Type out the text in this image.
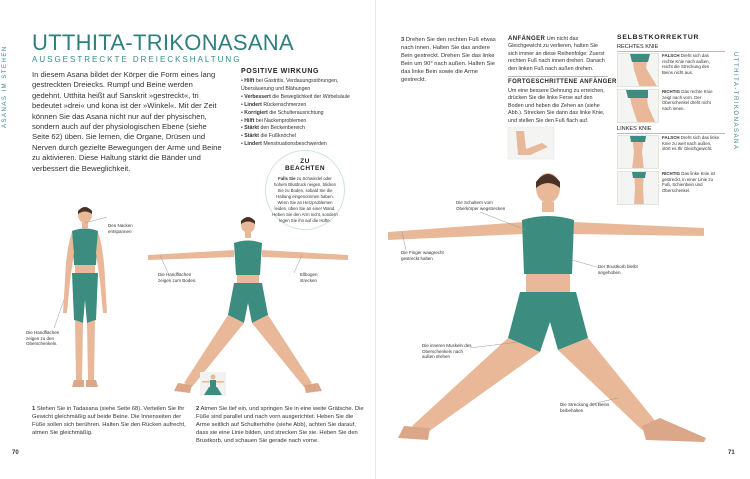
ASANAS IM STEHEN	UTTHITA-TRIKONASANA
UTTHITA-TRIKONASANA
AUSGESTRECKTE DREIECKSHALTUNG
In diesem Asana bildet der Körper die Form eines lang gestreckten Dreiecks. Rumpf und Beine werden gedehnt. Utthita heißt auf Sanskrit »gestreckt«, tri bedeutet »drei« und kona ist der »Winkel«. Mit der Zeit können Sie das Asana nicht nur auf der physischen, sondern auch auf der physiologischen Ebene (siehe Seite 62) üben. Sie lernen, die Organe, Drüsen und Nerven durch gezielte Bewegungen der Arme und Beine zu aktivieren. Diese Haltung stärkt die Bänder und verbessert die Beweglichkeit.
POSITIVE WIRKUNG
• Hilft bei Gastritis, Verdauungsstörungen, Übersäuerung und Blähungen
• Verbessert die Beweglichkeit der Wirbelsäule
• Lindert Rückenschmerzen
• Korrigiert die Schulterausrichtung
• Hilft bei Nackenproblemen
• Stärkt den Beckenbereich
• Stärkt die Fußknöchel
• Lindert Menstruationsbeschwerden
ZU
BEACHTEN
Falls Sie zu Schwindel oder hohem Blutdruck neigen, blicken Sie zu Boden, sobald Sie die Haltung eingenommen haben. Wenn Sie an Herzproblemen leiden, üben Sie an einer Wand. Heben Sie den Arm nicht, sondern legen Sie ihn auf die Hüfte.
Den Nacken entspannen
Die Handflächen zeigen zu den Oberschenkeln.
Die Handflächen zeigen zum Boden.
Ellbogen strecken
1 Stehen Sie in Tadasana (siehe Seite 68). Verteilen Sie Ihr Gewicht gleichmäßig auf beide Beine. Die Innenseiten der Füße sollen sich berühren. Halten Sie den Rücken aufrecht, atmen Sie gleichmäßig.
2 Atmen Sie tief ein, und springen Sie in eine weite Grätsche. Die Füße sind parallel und nach vorn ausgerichtet. Heben Sie die Arme seitlich auf Schulterhöhe (siehe Abb), achten Sie darauf, dass sie eine Linie bilden, und strecken Sie sie. Heben Sie den Brustkorb, und schauen Sie gerade nach vorne.
70	71
3 Drehen Sie den rechten Fuß etwas nach innen. Halten Sie das andere Bein gestreckt. Drehen Sie das linke Bein um 90° nach außen. Halten Sie das linke Bein sowie die Arme gestreckt.
ANFÄNGER Um nicht das Gleichgewicht zu verlieren, halten Sie sich immer an diese Reihenfolge: Zuerst rechten Fuß nach innen drehen. Danach den linken Fuß nach außen drehen.
FORTGESCHRITTENE ANFÄNGER
Um eine bessere Dehnung zu erreichen, drücken Sie die linke Ferse auf den Boden und heben die Zehen an (siehe Abb.). Strecken Sie dann das linke Knie, und stellen Sie den Fuß flach auf.
SELBSTKORREKTUR
RECHTES KNIE
FALSCH Dreht sich das rechte Knie nach außen, reicht die Streckung des Beins nicht aus.
RICHTIG Das rechte Knie zeigt nach vorn. Der Oberschenkel dreht nicht nach innen.
LINKES KNIE
FALSCH Dreht sich das linke Knie zu weit nach außen, stört es Ihr Gleichgewicht.
RICHTIG Das linke Knie ist gestreckt, in einer Linie zu Fuß, Schienbein und Oberschenkel.
Die Schultern vom Oberkörper wegstrecken
Die Finger waagrecht gestreckt halten
Der Brustkorb bleibt angehoben.
Die inneren Muskeln des Oberschenkels nach außen drehen
Die Streckung des Beins beibehalten
